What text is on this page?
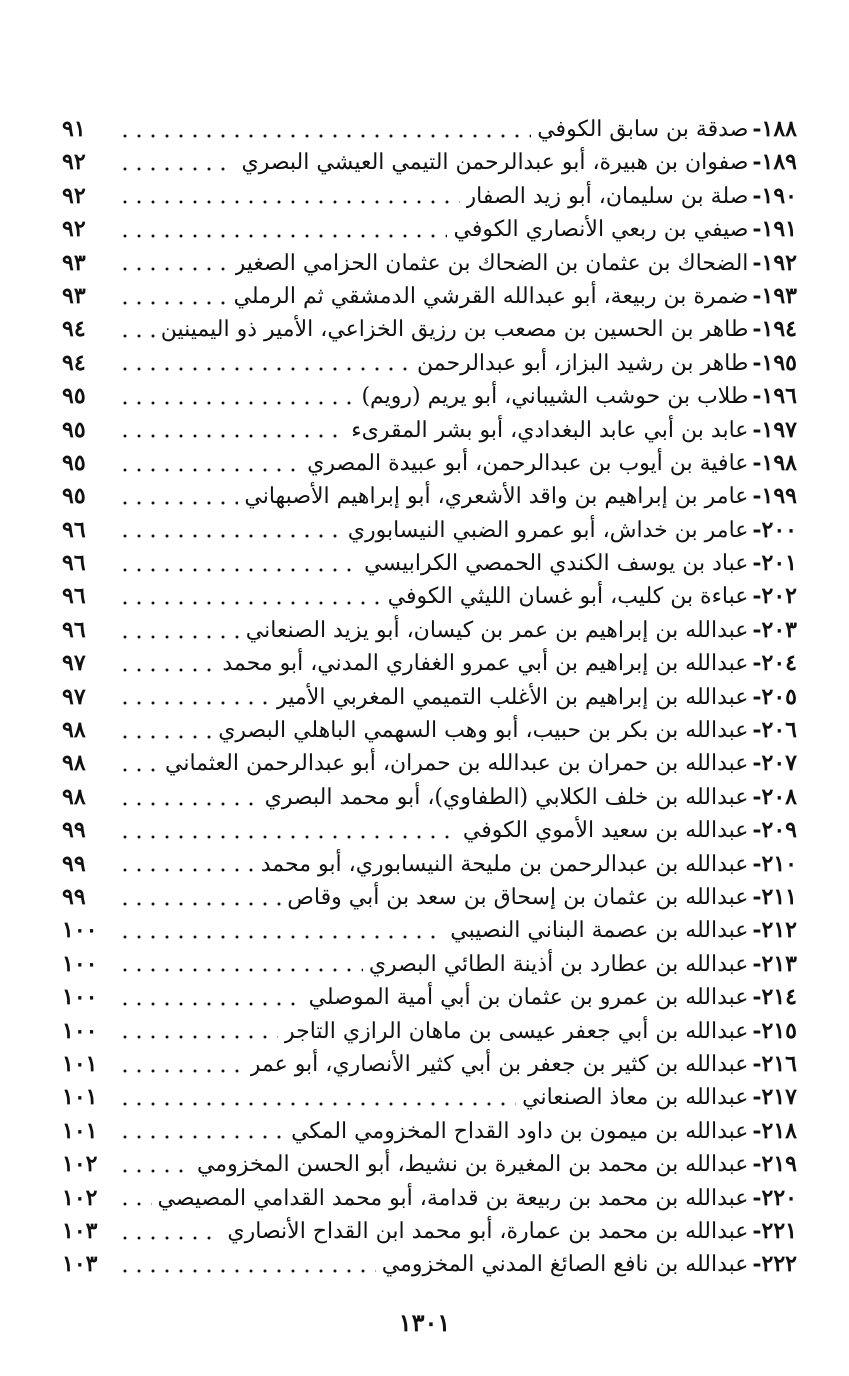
١٨٨
-
صدقة بن سابق الكوفي
٩١
١٨٩
-
صفوان بن هبيرة، أبو عبدالرحمن التيمي العيشي البصري
٩٢
١٩٠
-
صلة بن سليمان، أبو زيد الصفار
٩٢
١٩١
-
صيفي بن ربعي الأنصاري الكوفي
٩٢
١٩٢
-
الضحاك بن عثمان بن الضحاك بن عثمان الحزامي الصغير
٩٣
١٩٣
-
ضمرة بن ربيعة، أبو عبدالله القرشي الدمشقي ثم الرملي
٩٣
١٩٤
-
طاهر بن الحسين بن مصعب بن رزيق الخزاعي، الأمير ذو اليمينين
٩٤
١٩٥
-
طاهر بن رشيد البزاز، أبو عبدالرحمن
٩٤
١٩٦
-
طلاب بن حوشب الشيباني، أبو يريم (رويم)
٩٥
١٩٧
-
عابد بن أبي عابد البغدادي، أبو بشر المقرىء
٩٥
١٩٨
-
عافية بن أيوب بن عبدالرحمن، أبو عبيدة المصري
٩٥
١٩٩
-
عامر بن إبراهيم بن واقد الأشعري، أبو إبراهيم الأصبهاني
٩٥
٢٠٠
-
عامر بن خداش، أبو عمرو الضبي النيسابوري
٩٦
٢٠١
-
عباد بن يوسف الكندي الحمصي الكرابيسي
٩٦
٢٠٢
-
عباءة بن كليب، أبو غسان الليثي الكوفي
٩٦
٢٠٣
-
عبدالله بن إبراهيم بن عمر بن كيسان، أبو يزيد الصنعاني
٩٦
٢٠٤
-
عبدالله بن إبراهيم بن أبي عمرو الغفاري المدني، أبو محمد
٩٧
٢٠٥
-
عبدالله بن إبراهيم بن الأغلب التميمي المغربي الأمير
٩٧
٢٠٦
-
عبدالله بن بكر بن حبيب، أبو وهب السهمي الباهلي البصري
٩٨
٢٠٧
-
عبدالله بن حمران بن عبدالله بن حمران، أبو عبدالرحمن العثماني
٩٨
٢٠٨
-
عبدالله بن خلف الكلابي (الطفاوي)، أبو محمد البصري
٩٨
٢٠٩
-
عبدالله بن سعيد الأموي الكوفي
٩٩
٢١٠
-
عبدالله بن عبدالرحمن بن مليحة النيسابوري، أبو محمد
٩٩
٢١١
-
عبدالله بن عثمان بن إسحاق بن سعد بن أبي وقاص
٩٩
٢١٢
-
عبدالله بن عصمة البناني النصيبي
١٠٠
٢١٣
-
عبدالله بن عطارد بن أذينة الطائي البصري
١٠٠
٢١٤
-
عبدالله بن عمرو بن عثمان بن أبي أمية الموصلي
١٠٠
٢١٥
-
عبدالله بن أبي جعفر عيسى بن ماهان الرازي التاجر
١٠٠
٢١٦
-
عبدالله بن كثير بن جعفر بن أبي كثير الأنصاري، أبو عمر
١٠١
٢١٧
-
عبدالله بن معاذ الصنعاني
١٠١
٢١٨
-
عبدالله بن ميمون بن داود القداح المخزومي المكي
١٠١
٢١٩
-
عبدالله بن محمد بن المغيرة بن نشيط، أبو الحسن المخزومي
١٠٢
٢٢٠
-
عبدالله بن محمد بن ربيعة بن قدامة، أبو محمد القدامي المصيصي
١٠٢
٢٢١
-
عبدالله بن محمد بن عمارة، أبو محمد ابن القداح الأنصاري
١٠٣
٢٢٢
-
عبدالله بن نافع الصائغ المدني المخزومي
١٠٣
١٣٠١
